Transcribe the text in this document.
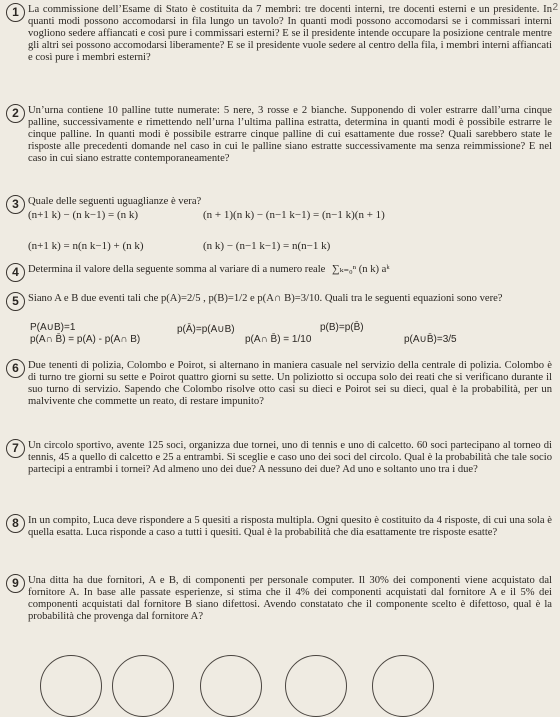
2
1 La commissione dell’Esame di Stato è costituita da 7 membri: tre docenti interni, tre docenti esterni e un presidente. In quanti modi possono accomodarsi in fila lungo un tavolo? In quanti modi possono accomodarsi se i commissari interni vogliono sedere affiancati e così pure i commissari esterni? E se il presidente intende occupare la posizione centrale mentre gli altri sei possono accomodarsi liberamente? E se il presidente vuole sedere al centro della fila, i membri interni affiancati e così pure i membri esterni?
2 Un’urna contiene 10 palline tutte numerate: 5 nere, 3 rosse e 2 bianche. Supponendo di voler estrarre dall’urna cinque palline, successivamente e rimettendo nell’urna l’ultima pallina estratta, determina in quanti modi è possibile estrarre le cinque palline. In quanti modi è possibile estrarre cinque palline di cui esattamente due rosse? Quali sarebbero state le risposte alle precedenti domande nel caso in cui le palline siano estratte successivamente ma senza reimmissione? E nel caso in cui siano estratte contemporaneamente?
3 Quale delle seguenti uguaglianze è vera?
(n+1 k) − (n k−1) = (n k)	(n + 1)(n k) − (n−1 k−1) = (n−1 k)(n + 1)
(n+1 k) = n(n k−1) + (n k)	(n k) − (n−1 k−1) = n(n−1 k)
4 Determina il valore della seguente somma al variare di a numero reale ∑ₖ₌₀ⁿ (n k) aᵏ
5 Siano A e B due eventi tali che p(A)=2/5 , p(B)=1/2 e p(A∩ B)=3/10. Quali tra le seguenti equazioni sono vere?
P(A∪B)=1
p(A∩ B̄) = p(A) - p(A∩ B)
p(Ā)=p(A∪B)
p(A∩ B̄) = 1/10
p(B)=p(B̄)
p(A∪B̄)=3/5
6 Due tenenti di polizia, Colombo e Poirot, si alternano in maniera casuale nel servizio della centrale di polizia. Colombo è di turno tre giorni su sette e Poirot quattro giorni su sette. Un poliziotto si occupa solo dei reati che si verificano durante il suo turno di servizio. Sapendo che Colombo risolve otto casi su dieci e Poirot sei su dieci, qual è la probabilità, per un malvivente che commette un reato, di restare impunito?
7 Un circolo sportivo, avente 125 soci, organizza due tornei, uno di tennis e uno di calcetto. 60 soci partecipano al torneo di tennis, 45 a quello di calcetto e 25 a entrambi. Si sceglie e caso uno dei soci del circolo. Qual è la probabilità che tale socio partecipi a entrambi i tornei? Ad almeno uno dei due? A nessuno dei due? Ad uno e soltanto uno tra i due?
8 In un compito, Luca deve rispondere a 5 quesiti a risposta multipla. Ogni quesito è costituito da 4 risposte, di cui una sola è quella esatta. Luca risponde a caso a tutti i quesiti. Qual è la probabilità che dia esattamente tre risposte esatte?
9 Una ditta ha due fornitori, A e B, di componenti per personale computer. Il 30% dei componenti viene acquistato dal fornitore A. In base alle passate esperienze, si stima che il 4% dei componenti acquistati dal fornitore A e il 5% dei componenti acquistati dal fornitore B siano difettosi. Avendo constatato che il componente scelto è difettoso, qual è la probabilità che provenga dal fornitore A?
